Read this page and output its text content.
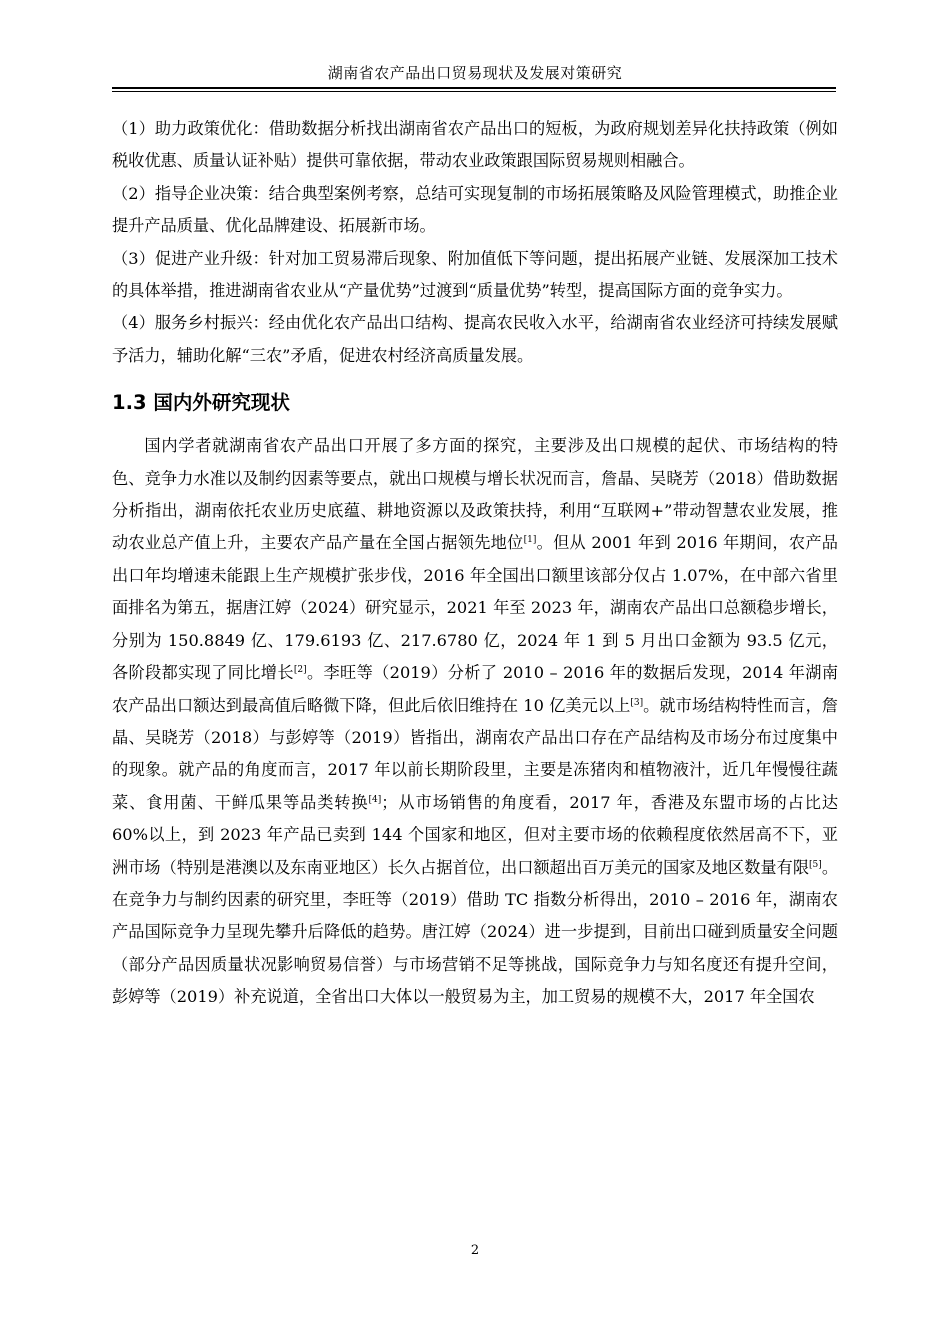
湖南省农产品出口贸易现状及发展对策研究

（1）助力政策优化：借助数据分析找出湖南省农产品出口的短板，为政府规划差异化扶持政策（例如税收优惠、质量认证补贴）提供可靠依据，带动农业政策跟国际贸易规则相融合。

（2）指导企业决策：结合典型案例考察，总结可实现复制的市场拓展策略及风险管理模式，助推企业提升产品质量、优化品牌建设、拓展新市场。

（3）促进产业升级：针对加工贸易滞后现象、附加值低下等问题，提出拓展产业链、发展深加工技术的具体举措，推进湖南省农业从“产量优势”过渡到“质量优势”转型，提高国际方面的竞争实力。

（4）服务乡村振兴：经由优化农产品出口结构、提高农民收入水平，给湖南省农业经济可持续发展赋予活力，辅助化解“三农”矛盾，促进农村经济高质量发展。

1.3 国内外研究现状

国内学者就湖南省农产品出口开展了多方面的探究，主要涉及出口规模的起伏、市场结构的特色、竞争力水准以及制约因素等要点，就出口规模与增长状况而言，詹晶、吴晓芳（2018）借助数据分析指出，湖南依托农业历史底蕴、耕地资源以及政策扶持，利用“互联网+”带动智慧农业发展，推动农业总产值上升，主要农产品产量在全国占据领先地位[1]。但从 2001 年到 2016 年期间，农产品出口年均增速未能跟上生产规模扩张步伐，2016 年全国出口额里该部分仅占 1.07%，在中部六省里面排名为第五，据唐江婷（2024）研究显示，2021 年至 2023 年，湖南农产品出口总额稳步增长，分别为 150.8849 亿、179.6193 亿、217.6780 亿，2024 年 1 到 5 月出口金额为 93.5 亿元，各阶段都实现了同比增长[2]。李旺等（2019）分析了 2010 – 2016 年的数据后发现，2014 年湖南农产品出口额达到最高值后略微下降，但此后依旧维持在 10 亿美元以上[3]。就市场结构特性而言，詹晶、吴晓芳（2018）与彭婷等（2019）皆指出，湖南农产品出口存在产品结构及市场分布过度集中的现象。就产品的角度而言，2017 年以前长期阶段里，主要是冻猪肉和植物液汁，近几年慢慢往蔬菜、食用菌、干鲜瓜果等品类转换[4]；从市场销售的角度看，2017 年，香港及东盟市场的占比达 60%以上，到 2023 年产品已卖到 144 个国家和地区，但对主要市场的依赖程度依然居高不下，亚洲市场（特别是港澳以及东南亚地区）长久占据首位，出口额超出百万美元的国家及地区数量有限[5]。在竞争力与制约因素的研究里，李旺等（2019）借助 TC 指数分析得出，2010 – 2016 年，湖南农产品国际竞争力呈现先攀升后降低的趋势。唐江婷（2024）进一步提到，目前出口碰到质量安全问题（部分产品因质量状况影响贸易信誉）与市场营销不足等挑战，国际竞争力与知名度还有提升空间，彭婷等（2019）补充说道，全省出口大体以一般贸易为主，加工贸易的规模不大，2017 年全国农

2
